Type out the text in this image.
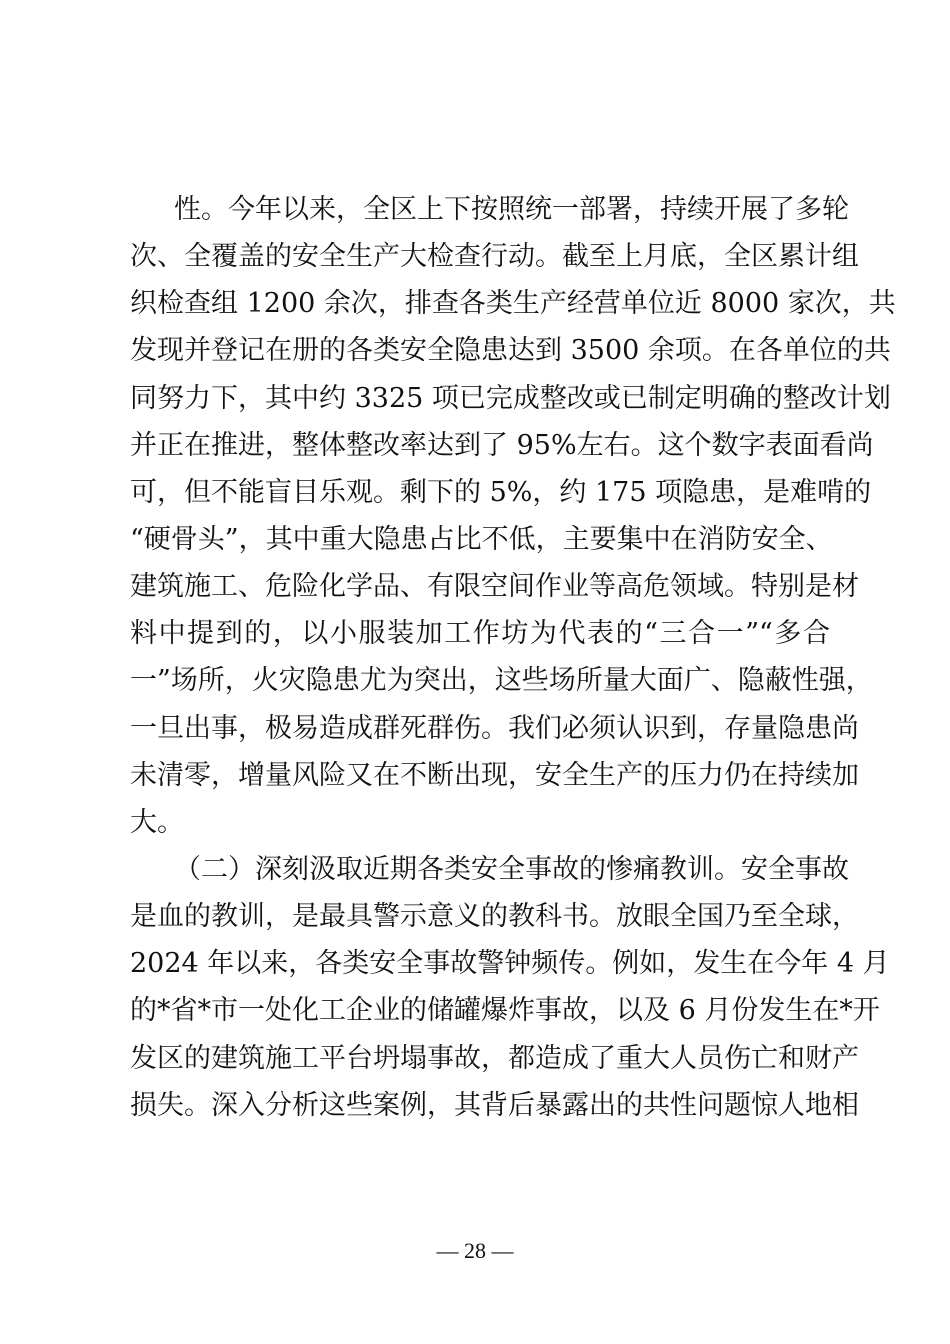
性。今年以来，全区上下按照统一部署，持续开展了多轮
次、全覆盖的安全生产大检查行动。截至上月底，全区累计组
织检查组 1200 余次，排查各类生产经营单位近 8000 家次，共
发现并登记在册的各类安全隐患达到 3500 余项。在各单位的共
同努力下，其中约 3325 项已完成整改或已制定明确的整改计划
并正在推进，整体整改率达到了 95%左右。这个数字表面看尚
可，但不能盲目乐观。剩下的 5%，约 175 项隐患，是难啃的
“硬骨头”，其中重大隐患占比不低，主要集中在消防安全、
建筑施工、危险化学品、有限空间作业等高危领域。特别是材
料中提到的，以小服装加工作坊为代表的“三合一”“多合
一”场所，火灾隐患尤为突出，这些场所量大面广、隐蔽性强，
一旦出事，极易造成群死群伤。我们必须认识到，存量隐患尚
未清零，增量风险又在不断出现，安全生产的压力仍在持续加
大。
（二）深刻汲取近期各类安全事故的惨痛教训。安全事故
是血的教训，是最具警示意义的教科书。放眼全国乃至全球，
2024 年以来，各类安全事故警钟频传。例如，发生在今年 4 月
的*省*市一处化工企业的储罐爆炸事故，以及 6 月份发生在*开
发区的建筑施工平台坍塌事故，都造成了重大人员伤亡和财产
损失。深入分析这些案例，其背后暴露出的共性问题惊人地相
— 28 —
